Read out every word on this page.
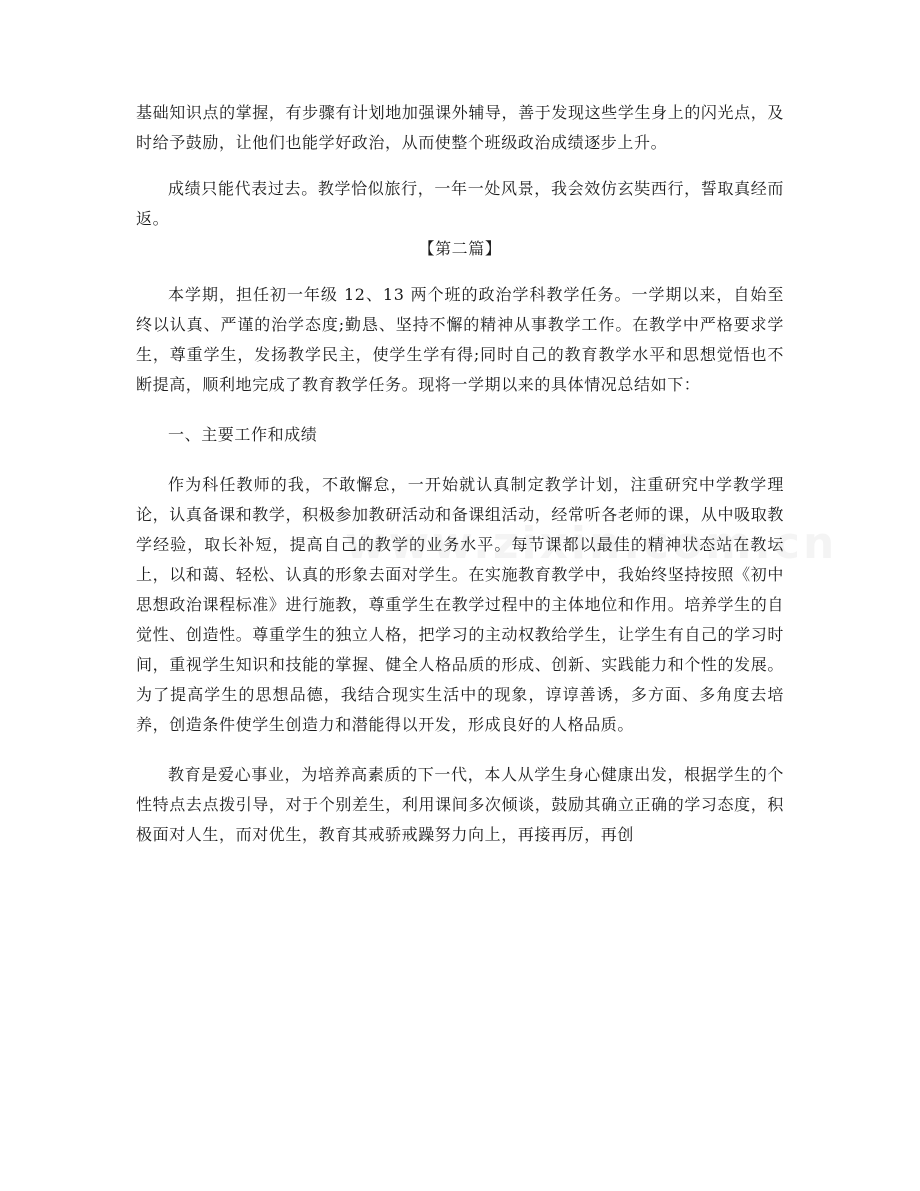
基础知识点的掌握，有步骤有计划地加强课外辅导，善于发现这些学生身上的闪光点，及时给予鼓励，让他们也能学好政治，从而使整个班级政治成绩逐步上升。

成绩只能代表过去。教学恰似旅行，一年一处风景，我会效仿玄奘西行，誓取真经而返。

【第二篇】

本学期，担任初一年级 12、13 两个班的政治学科教学任务。一学期以来，自始至终以认真、严谨的治学态度;勤恳、坚持不懈的精神从事教学工作。在教学中严格要求学生，尊重学生，发扬教学民主，使学生学有得;同时自己的教育教学水平和思想觉悟也不断提高，顺利地完成了教育教学任务。现将一学期以来的具体情况总结如下：

一、主要工作和成绩

作为科任教师的我，不敢懈怠，一开始就认真制定教学计划，注重研究中学教学理论，认真备课和教学，积极参加教研活动和备课组活动，经常听各老师的课，从中吸取教学经验，取长补短，提高自己的教学的业务水平。每节课都以最佳的精神状态站在教坛上，以和蔼、轻松、认真的形象去面对学生。在实施教育教学中，我始终坚持按照《初中思想政治课程标准》进行施教，尊重学生在教学过程中的主体地位和作用。培养学生的自觉性、创造性。尊重学生的独立人格，把学习的主动权教给学生，让学生有自己的学习时间，重视学生知识和技能的掌握、健全人格品质的形成、创新、实践能力和个性的发展。为了提高学生的思想品德，我结合现实生活中的现象，谆谆善诱，多方面、多角度去培养，创造条件使学生创造力和潜能得以开发，形成良好的人格品质。

教育是爱心事业，为培养高素质的下一代，本人从学生身心健康出发，根据学生的个性特点去点拨引导，对于个别差生，利用课间多次倾谈，鼓励其确立正确的学习态度，积极面对人生，而对优生，教育其戒骄戒躁努力向上，再接再厉，再创
